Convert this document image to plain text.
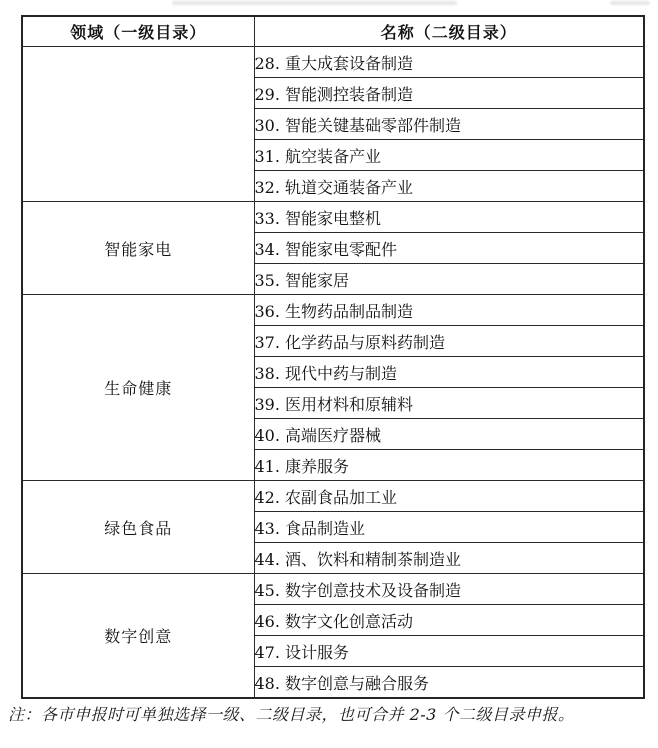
领域（一级目录）	名称（二级目录）
	28. 重大成套设备制造
	29. 智能测控装备制造
	30. 智能关键基础零部件制造
	31. 航空装备产业
	32. 轨道交通装备产业
智能家电	33. 智能家电整机
	34. 智能家电零配件
	35. 智能家居
生命健康	36. 生物药品制品制造
	37. 化学药品与原料药制造
	38. 现代中药与制造
	39. 医用材料和原辅料
	40. 高端医疗器械
	41. 康养服务
绿色食品	42. 农副食品加工业
	43. 食品制造业
	44. 酒、饮料和精制茶制造业
数字创意	45. 数字创意技术及设备制造
	46. 数字文化创意活动
	47. 设计服务
	48. 数字创意与融合服务
注：各市申报时可单独选择一级、二级目录，也可合并 2-3 个二级目录申报。
